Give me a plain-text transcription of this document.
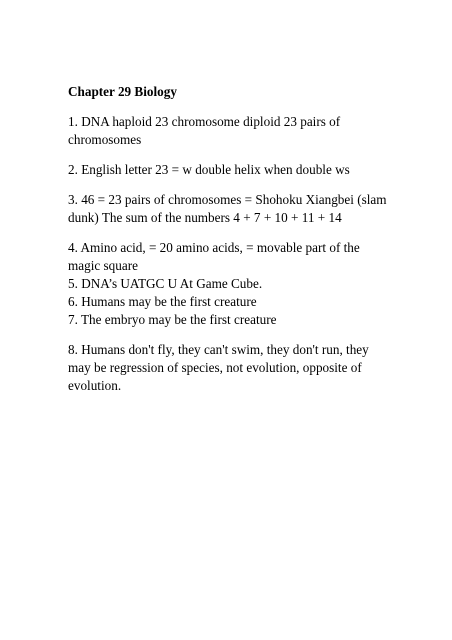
Chapter 29 Biology

1. DNA haploid 23 chromosome diploid 23 pairs of chromosomes

2. English letter 23 = w double helix when double ws

3. 46 = 23 pairs of chromosomes = Shohoku Xiangbei (slam dunk) The sum of the numbers 4 + 7 + 10 + 11 + 14

4. Amino acid, = 20 amino acids, = movable part of the magic square

5. DNA’s UATGC U At Game Cube.

6. Humans may be the first creature

7. The embryo may be the first creature

8. Humans don't fly, they can't swim, they don't run, they may be regression of species, not evolution, opposite of evolution.
